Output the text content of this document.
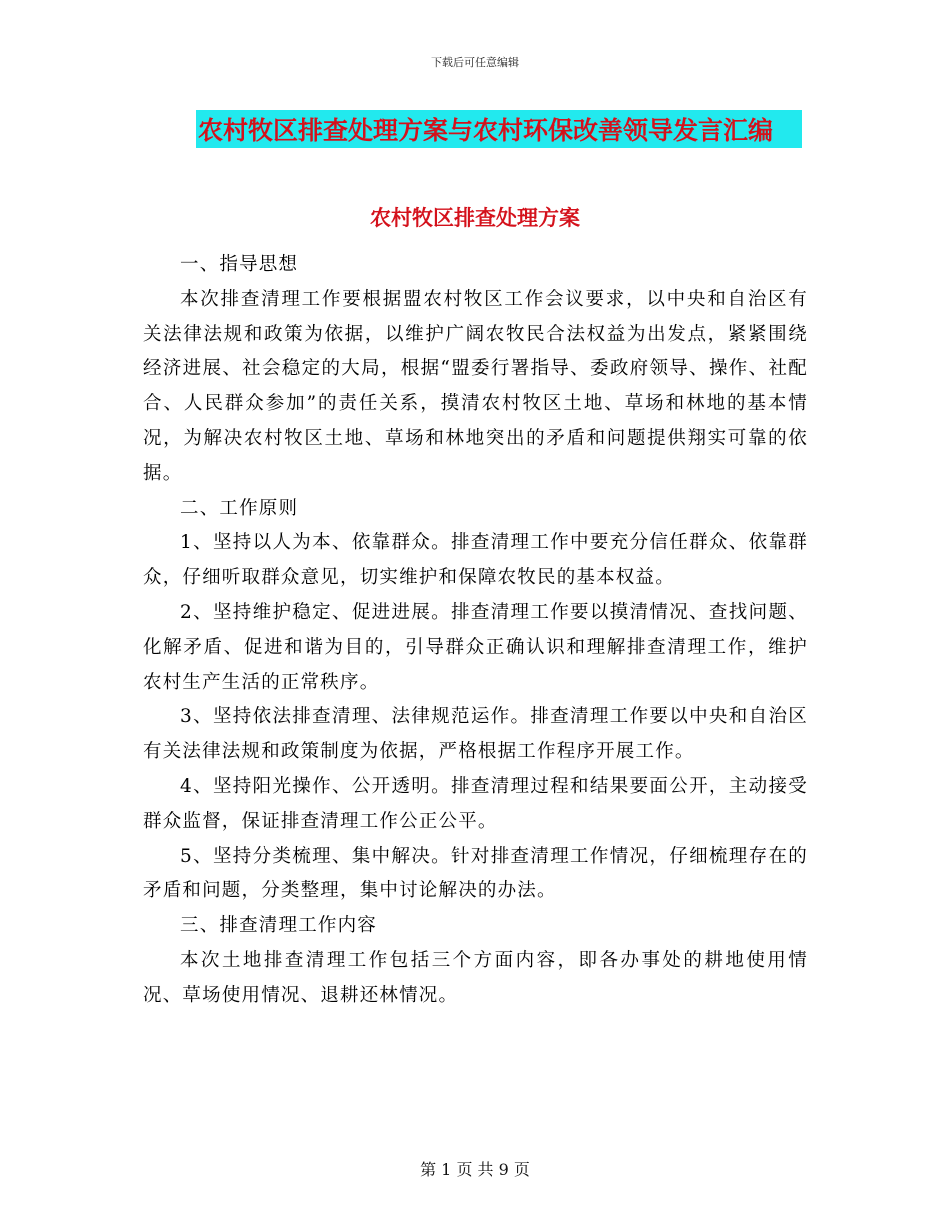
下载后可任意编辑
农村牧区排查处理方案与农村环保改善领导发言汇编
农村牧区排查处理方案

一、指导思想

本次排查清理工作要根据盟农村牧区工作会议要求，以中央和自治区有关法律法规和政策为依据，以维护广阔农牧民合法权益为出发点，紧紧围绕经济进展、社会稳定的大局，根据“盟委行署指导、委政府领导、操作、社配合、人民群众参加”的责任关系，摸清农村牧区土地、草场和林地的基本情况，为解决农村牧区土地、草场和林地突出的矛盾和问题提供翔实可靠的依据。

二、工作原则

1、坚持以人为本、依靠群众。排查清理工作中要充分信任群众、依靠群众，仔细听取群众意见，切实维护和保障农牧民的基本权益。

2、坚持维护稳定、促进进展。排查清理工作要以摸清情况、查找问题、化解矛盾、促进和谐为目的，引导群众正确认识和理解排查清理工作，维护农村生产生活的正常秩序。

3、坚持依法排查清理、法律规范运作。排查清理工作要以中央和自治区有关法律法规和政策制度为依据，严格根据工作程序开展工作。

4、坚持阳光操作、公开透明。排查清理过程和结果要面公开，主动接受群众监督，保证排查清理工作公正公平。

5、坚持分类梳理、集中解决。针对排查清理工作情况，仔细梳理存在的矛盾和问题，分类整理，集中讨论解决的办法。

三、排查清理工作内容

本次土地排查清理工作包括三个方面内容，即各办事处的耕地使用情况、草场使用情况、退耕还林情况。

第 1 页 共 9 页
